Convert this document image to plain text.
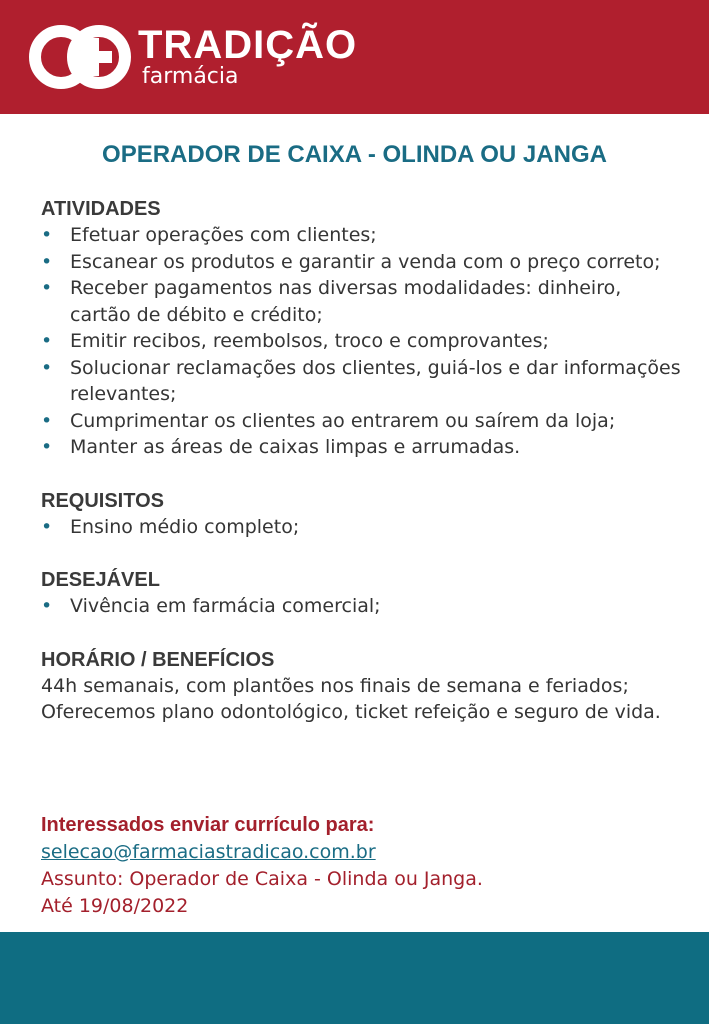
TRADIÇÃO
farmácia
OPERADOR DE CAIXA - OLINDA OU JANGA
ATIVIDADES
• Efetuar operações com clientes;
• Escanear os produtos e garantir a venda com o preço correto;
• Receber pagamentos nas diversas modalidades: dinheiro, cartão de débito e crédito;
• Emitir recibos, reembolsos, troco e comprovantes;
• Solucionar reclamações dos clientes, guiá-los e dar informações relevantes;
• Cumprimentar os clientes ao entrarem ou saírem da loja;
• Manter as áreas de caixas limpas e arrumadas.
REQUISITOS
• Ensino médio completo;
DESEJÁVEL
• Vivência em farmácia comercial;
HORÁRIO / BENEFÍCIOS

44h semanais, com plantões nos finais de semana e feriados; Oferecemos plano odontológico, ticket refeição e seguro de vida.

Interessados enviar currículo para:
selecao@farmaciastradicao.com.br
Assunto: Operador de Caixa - Olinda ou Janga.
Até 19/08/2022
